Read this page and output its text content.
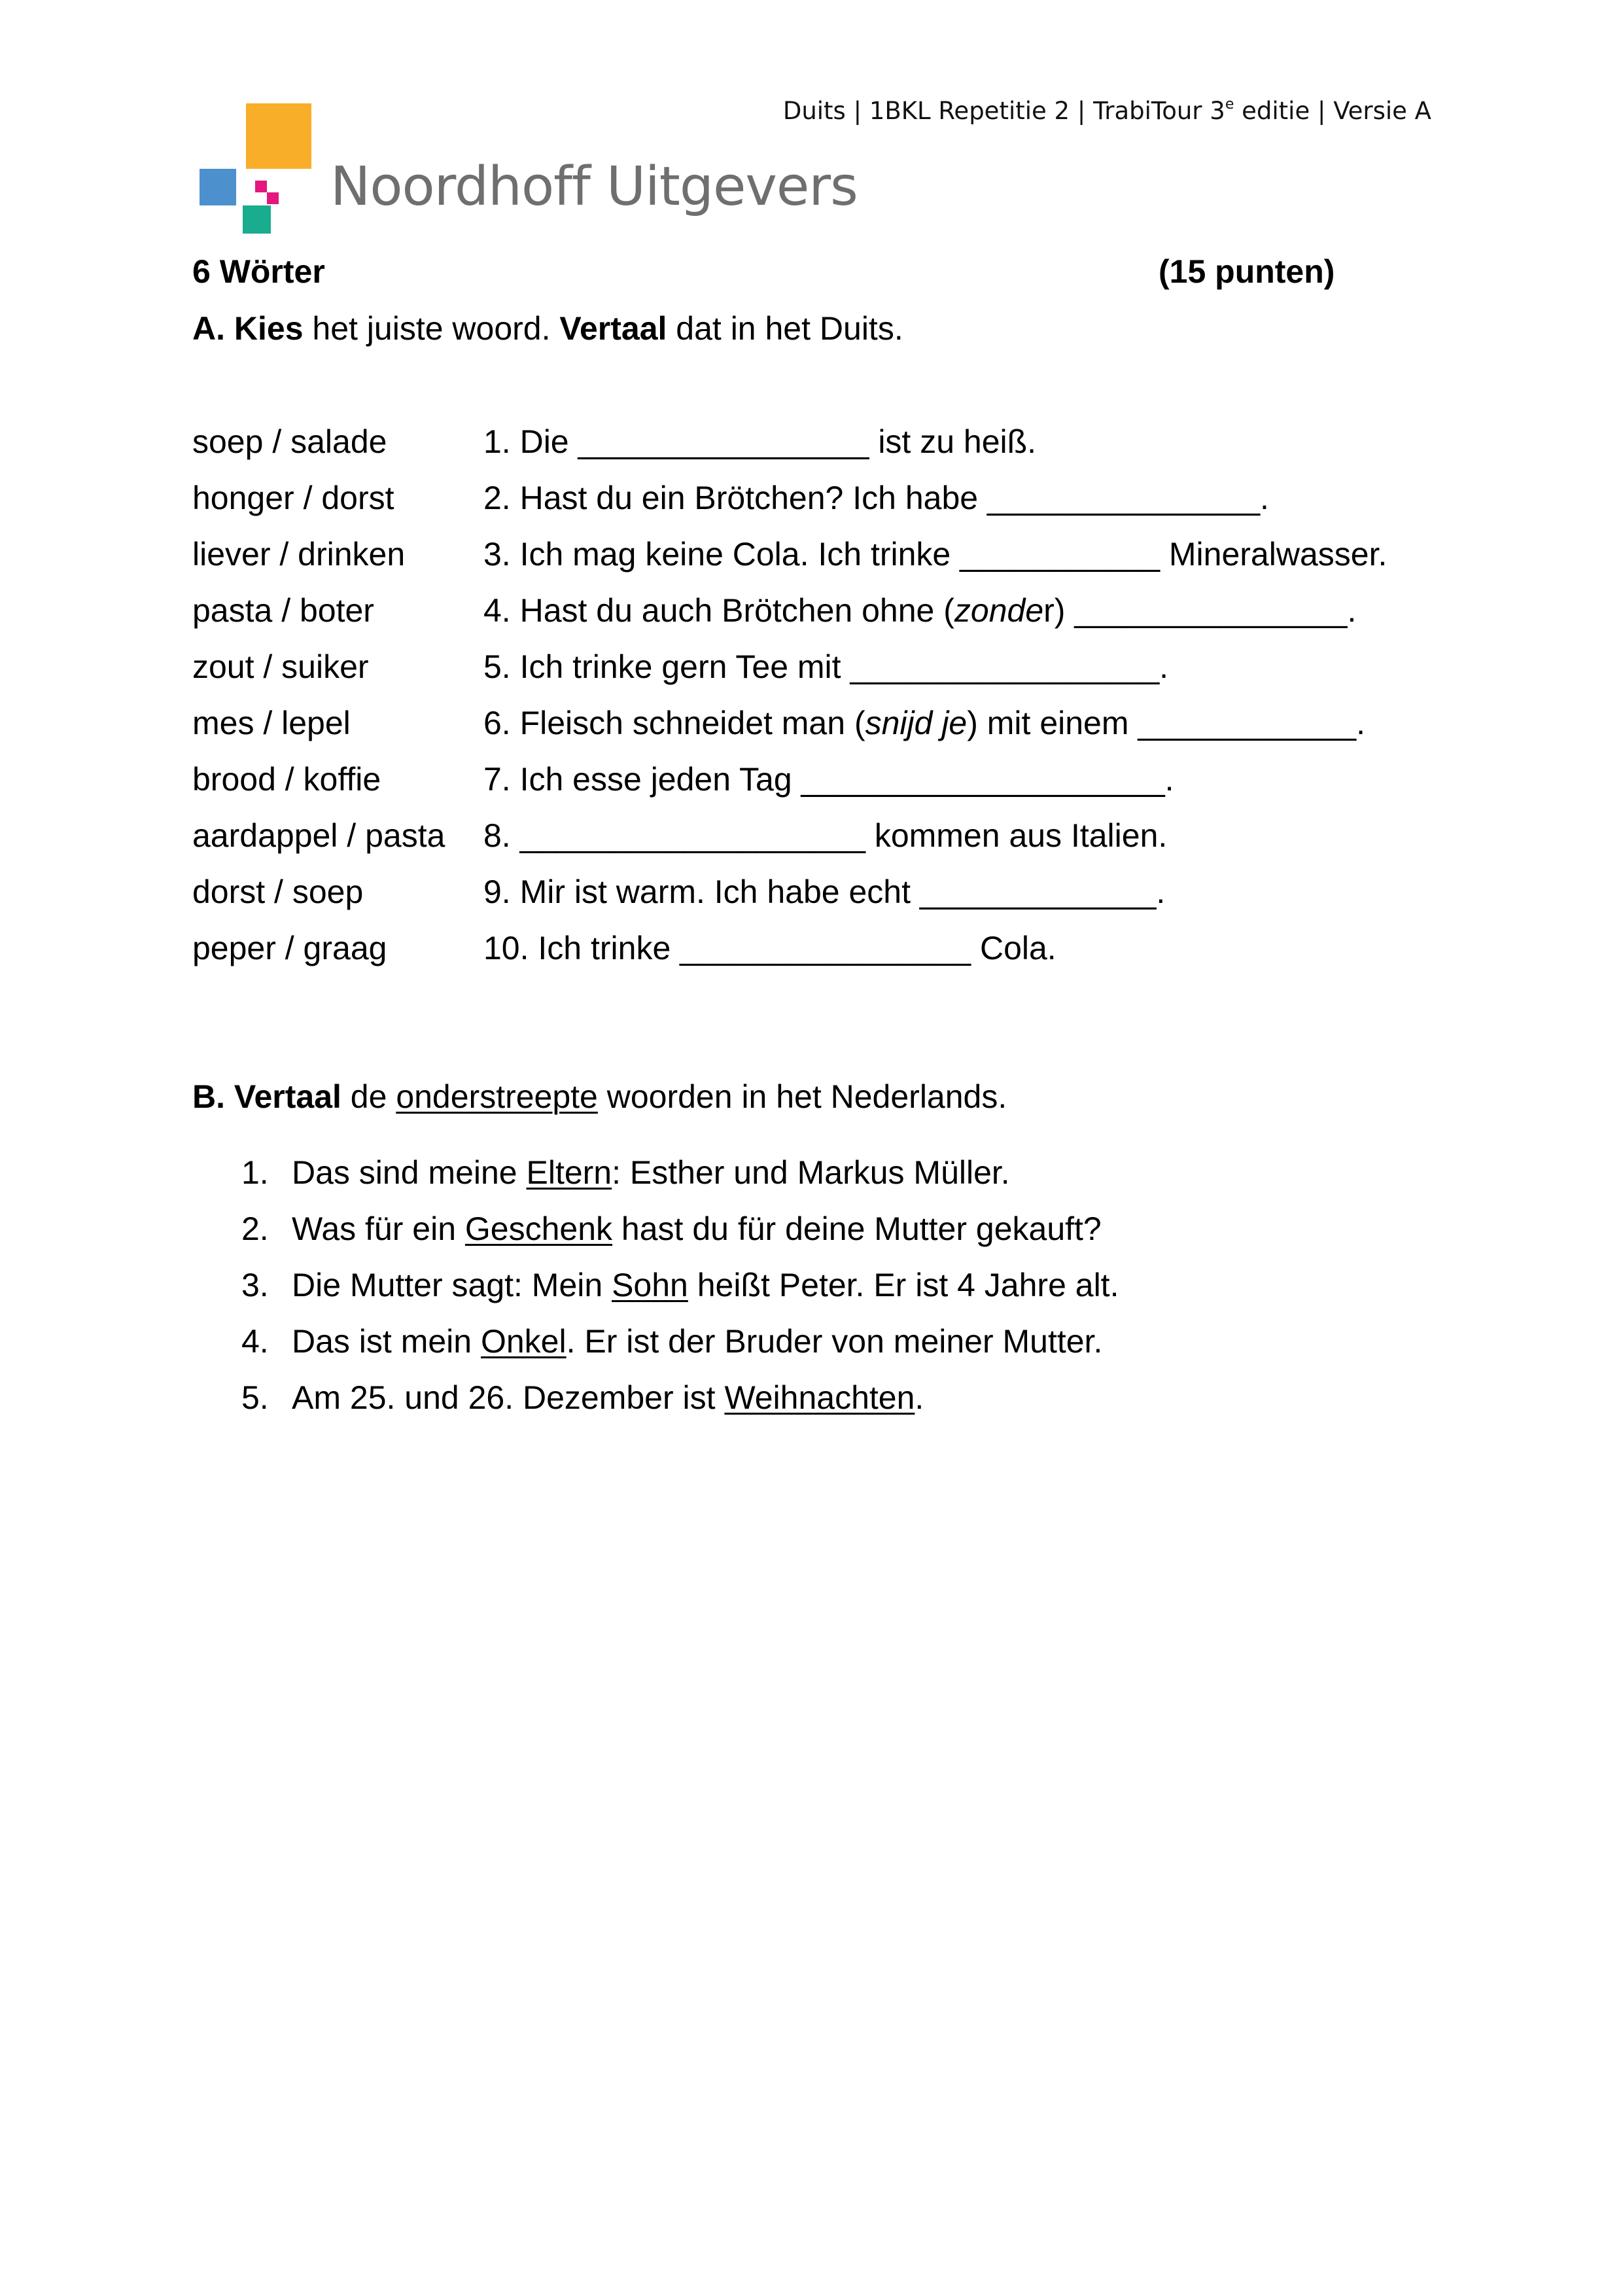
Duits | 1BKL Repetitie 2 | TrabiTour 3e editie | Versie A
Noordhoff Uitgevers
6 Wörter	(15 punten)
A. Kies het juiste woord. Vertaal dat in het Duits.
soep / salade	1. Die ________________ ist zu heiß.
honger / dorst	2. Hast du ein Brötchen? Ich habe _______________.
liever / drinken 3. Ich mag keine Cola. Ich trinke ___________ Mineralwasser.
pasta / boter	4. Hast du auch Brötchen ohne (zonder) _______________.
zout / suiker	5. Ich trinke gern Tee mit _________________.
mes / lepel	6. Fleisch schneidet man (snijd je) mit einem ____________.
brood / koffie	7. Ich esse jeden Tag ____________________.
aardappel / pasta 8. ___________________ kommen aus Italien.
dorst / soep	9. Mir ist warm. Ich habe echt _____________.
peper / graag	10. Ich trinke ________________ Cola.
B. Vertaal de onderstreepte woorden in het Nederlands.
1. Das sind meine Eltern: Esther und Markus Müller.
2. Was für ein Geschenk hast du für deine Mutter gekauft?
3. Die Mutter sagt: Mein Sohn heißt Peter. Er ist 4 Jahre alt.
4. Das ist mein Onkel. Er ist der Bruder von meiner Mutter.
5. Am 25. und 26. Dezember ist Weihnachten.
